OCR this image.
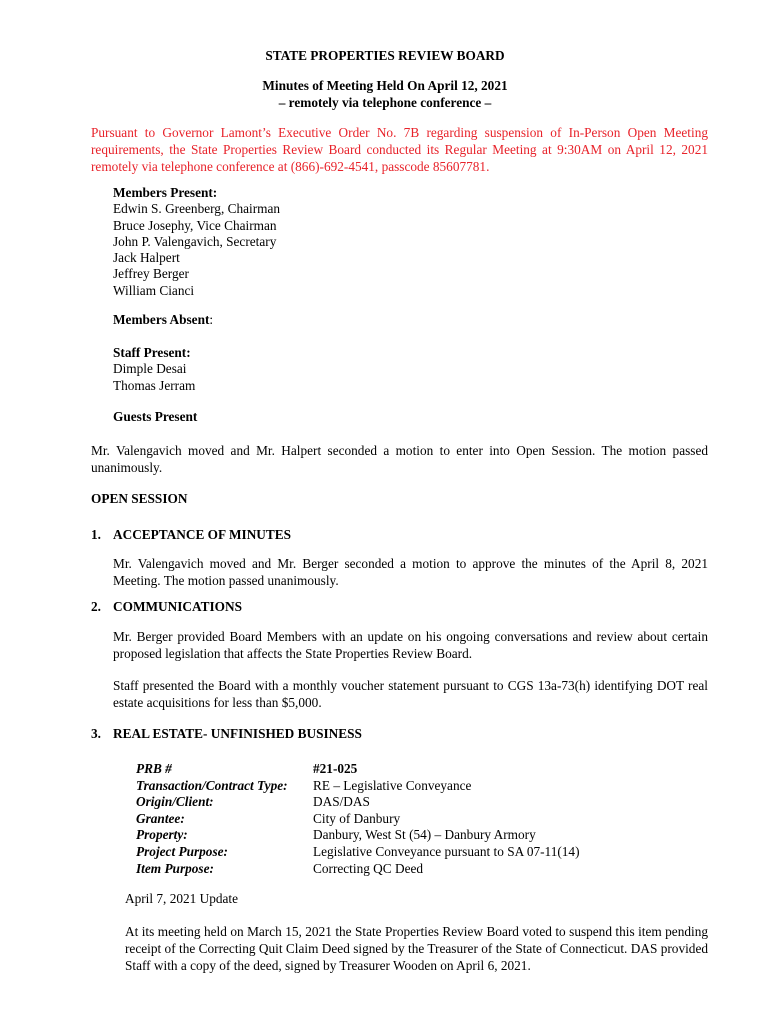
STATE PROPERTIES REVIEW BOARD
Minutes of Meeting Held On April 12, 2021
– remotely via telephone conference –
Pursuant to Governor Lamont’s Executive Order No. 7B regarding suspension of In-Person Open Meeting requirements, the State Properties Review Board conducted its Regular Meeting at 9:30AM on April 12, 2021 remotely via telephone conference at (866)-692-4541, passcode 85607781.
Members Present:
Edwin S. Greenberg, Chairman
Bruce Josephy, Vice Chairman
John P. Valengavich, Secretary
Jack Halpert
Jeffrey Berger
William Cianci
Members Absent:
Staff Present:
Dimple Desai
Thomas Jerram
Guests Present
Mr. Valengavich moved and Mr. Halpert seconded a motion to enter into Open Session. The motion passed unanimously.
OPEN SESSION
1. ACCEPTANCE OF MINUTES
Mr. Valengavich moved and Mr. Berger seconded a motion to approve the minutes of the April 8, 2021 Meeting. The motion passed unanimously.
2. COMMUNICATIONS
Mr. Berger provided Board Members with an update on his ongoing conversations and review about certain proposed legislation that affects the State Properties Review Board.
Staff presented the Board with a monthly voucher statement pursuant to CGS 13a-73(h) identifying DOT real estate acquisitions for less than $5,000.
3. REAL ESTATE- UNFINISHED BUSINESS
PRB #	#21-025
Transaction/Contract Type:	RE – Legislative Conveyance
Origin/Client:	DAS/DAS
Grantee:	City of Danbury
Property:	Danbury, West St (54) – Danbury Armory
Project Purpose:	Legislative Conveyance pursuant to SA 07-11(14)
Item Purpose:	Correcting QC Deed
April 7, 2021 Update
At its meeting held on March 15, 2021 the State Properties Review Board voted to suspend this item pending receipt of the Correcting Quit Claim Deed signed by the Treasurer of the State of Connecticut. DAS provided Staff with a copy of the deed, signed by Treasurer Wooden on April 6, 2021.
